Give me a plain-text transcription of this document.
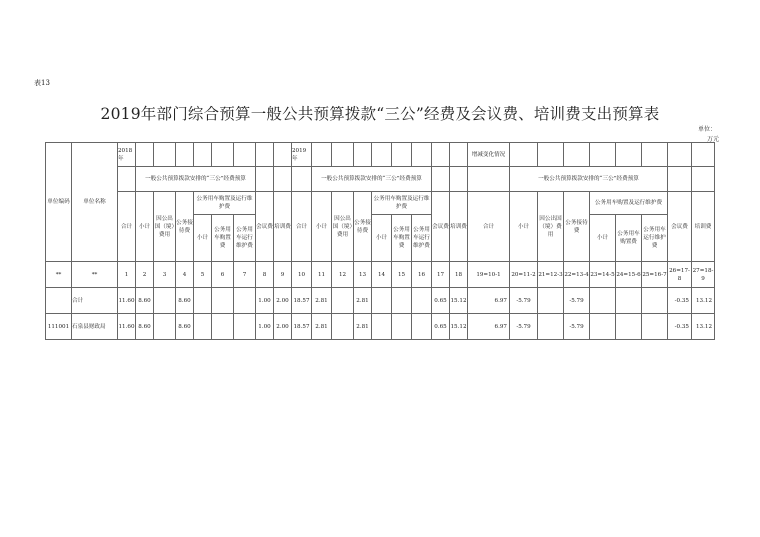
表13
2019年部门综合预算一般公共预算拨款“三公”经费及会议费、培训费支出预算表
单位：
万元
单位编码	单位名称	2018年									2019年									增减变化情况								
			一般公共预算拨款安排的“三公”经费预算									一般公共预算拨款安排的“三公”经费预算									一般公共预算拨款安排的“三公”经费预算							
		合计	小计	因公出国（境）费用	公务接待费	公务用车购置及运行维护费			会议费	培训费	合计	小计	因公出国（境）费用	公务接待费	公务用车购置及运行维护费			会议费	培训费	合计	小计	因公出国（境）费用	公务接待费	公务用车购置及运行维护费			会议费	培训费
						小计	公务用车购置费	公务用车运行维护费							小计	公务用车购置费	公务用车运行维护费							小计	公务用车购置费	公务用车运行维护费		
**	**	1	2	3	4	5	6	7	8	9	10	11	12	13	14	15	16	17	18	19=10-1	20=11-2	21=12-3	22=13-4	23=14-5	24=15-6	25=16-7	26=17-8	27=18-9
	合计	11.60	8.60		8.60				1.00	2.00	18.57	2.81		2.81				0.65	15.12	6.97	-5.79		-5.79				-0.35	13.12
111001	石泉县财政局	11.60	8.60		8.60				1.00	2.00	18.57	2.81		2.81				0.65	15.12	6.97	-5.79		-5.79				-0.35	13.12
